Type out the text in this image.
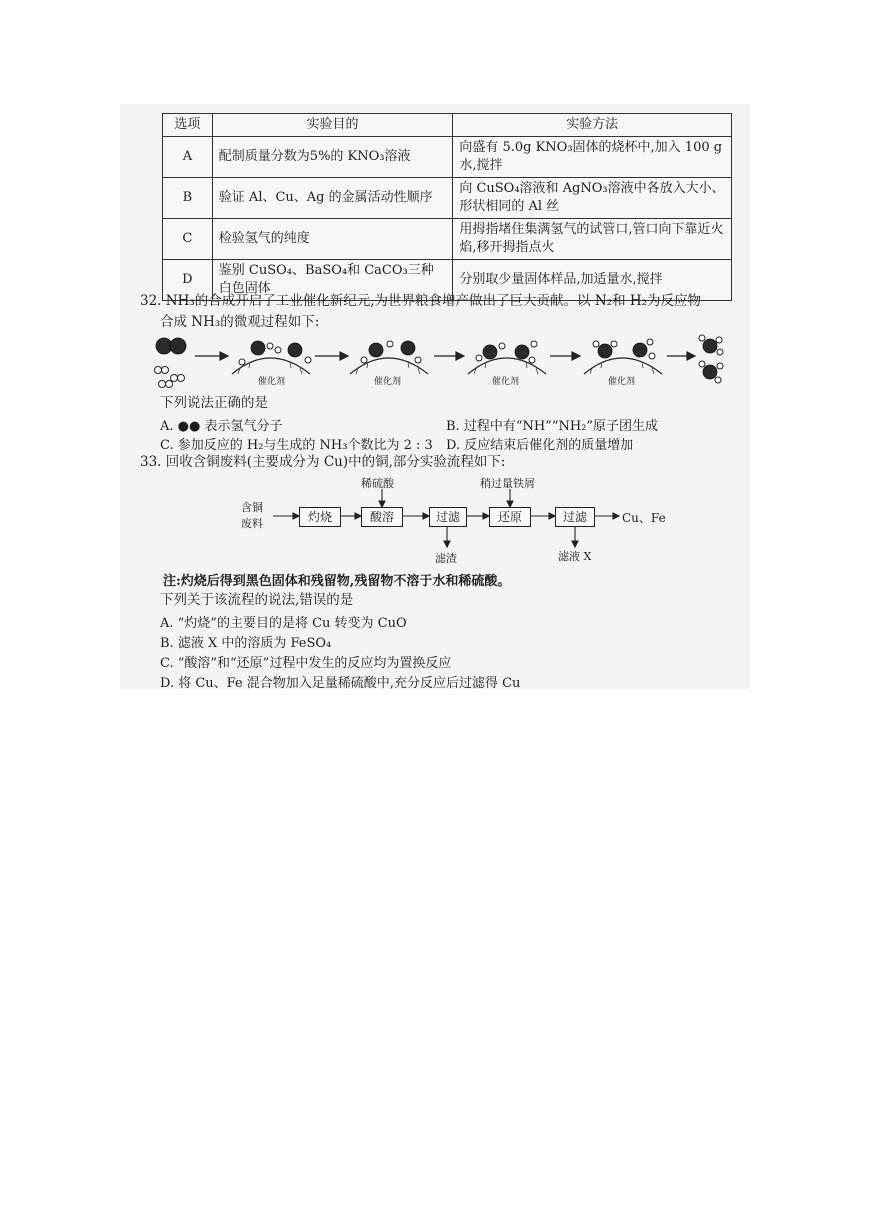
选项	实验目的	实验方法
A	配制质量分数为5%的 KNO₃溶液	向盛有 5.0g KNO₃固体的烧杯中,加入 100 g 水,搅拌
B	验证 Al、Cu、Ag 的金属活动性顺序	向 CuSO₄溶液和 AgNO₃溶液中各放入大小、形状相同的 Al 丝
C	检验氢气的纯度	用拇指堵住集满氢气的试管口,管口向下靠近火焰,移开拇指点火
D	鉴别 CuSO₄、BaSO₄和 CaCO₃三种白色固体	分别取少量固体样品,加适量水,搅拌
32. NH₃的合成开启了工业催化新纪元,为世界粮食增产做出了巨大贡献。以 N₂和 H₂为反应物
合成 NH₃的微观过程如下:
催化剂	催化剂	催化剂	催化剂
下列说法正确的是
A. ●● 表示氢气分子	B. 过程中有“NH”“NH₂”原子团生成
C. 参加反应的 H₂与生成的 NH₃个数比为 2 : 3 D. 反应结束后催化剂的质量增加
33. 回收含铜废料(主要成分为 Cu)中的铜,部分实验流程如下:
含铜
废料	灼烧	酸溶	过滤	还原	过滤
稀硫酸	稍过量铁屑
滤渣	滤液 X
Cu、Fe
注:灼烧后得到黑色固体和残留物,残留物不溶于水和稀硫酸。
下列关于该流程的说法,错误的是
A. “灼烧”的主要目的是将 Cu 转变为 CuO
B. 滤液 X 中的溶质为 FeSO₄
C. “酸溶”和“还原”过程中发生的反应均为置换反应
D. 将 Cu、Fe 混合物加入足量稀硫酸中,充分反应后过滤得 Cu
